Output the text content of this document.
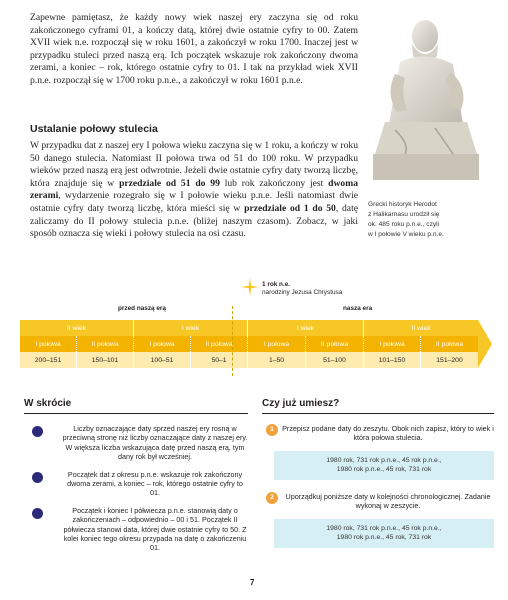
Zapewne pamiętasz, że każdy nowy wiek naszej ery zaczyna się od roku zakończonego cyframi 01, a kończy datą, której dwie ostatnie cyfry to 00. Zatem XVII wiek n.e. rozpoczął się w roku 1601, a zakończył w roku 1700. Inaczej jest w przypadku stuleci przed naszą erą. Ich początek wskazuje rok zakończony dwoma zerami, a koniec – rok, którego ostatnie cyfry to 01. I tak na przykład wiek XVII p.n.e. rozpoczął się w 1700 roku p.n.e., a zakończył w roku 1601 p.n.e.
Ustalanie połowy stulecia
W przypadku dat z naszej ery I połowa wieku zaczyna się w 1 roku, a kończy w roku 50 danego stulecia. Natomiast II połowa trwa od 51 do 100 roku. W przypadku wieków przed naszą erą jest odwrotnie. Jeżeli dwie ostatnie cyfry daty tworzą liczbę, która znajduje się w przedziale od 51 do 99 lub rok zakończony jest dwoma zerami, wydarzenie rozegrało się w I połowie wieku p.n.e. Jeśli natomiast dwie ostatnie cyfry daty tworzą liczbę, która mieści się w przedziale od 1 do 50, datę zaliczamy do II połowy stulecia p.n.e. (bliżej naszym czasom). Zobacz, w jaki sposób oznacza się wieki i połowy stulecia na osi czasu.
Grecki historyk Herodot
z Halikarnasu urodził się
ok. 485 roku p.n.e., czyli
w I połowie V wieku p.n.e.
1 rok n.e.
narodziny Jezusa Chrystusa
przed naszą erą	nasza era
II wiek	I wiek	I wiek	II wiek
I połowa	II połowa	I połowa	II połowa	I połowa	II połowa	I połowa	II połowa
200–151	150–101	100–51	50–1	1–50	51–100	101–150	151–200
W skrócie
Liczby oznaczające daty sprzed naszej ery rosną w przeciwną stronę niż liczby oznaczające daty z naszej ery. W większa liczba wskazująca datę przed naszą erą, tym dany rok był wcześniej.
Początek dat z okresu p.n.e. wskazuje rok zakończony dwoma zerami, a koniec – rok, którego ostatnie cyfry to 01.
Początek i koniec I półwiecza p.n.e. stanowią daty o zakończeniach – odpowiednio – 00 i 51. Początek II półwiecza stanowi data, której dwie ostatnie cyfry to 50. Z kolei koniec tego okresu przypada na datę o zakończeniu 01.
Czy już umiesz?
1	Przepisz podane daty do zeszytu. Obok nich zapisz, który to wiek i która połowa stulecia.
1980 rok, 731 rok p.n.e., 45 rok p.n.e.,
1980 rok p.n.e., 45 rok, 731 rok
2	Uporządkuj poniższe daty w kolejności chronologicznej. Zadanie wykonaj w zeszycie.
1980 rok, 731 rok p.n.e., 45 rok p.n.e.,
1980 rok p.n.e., 45 rok, 731 rok
7
